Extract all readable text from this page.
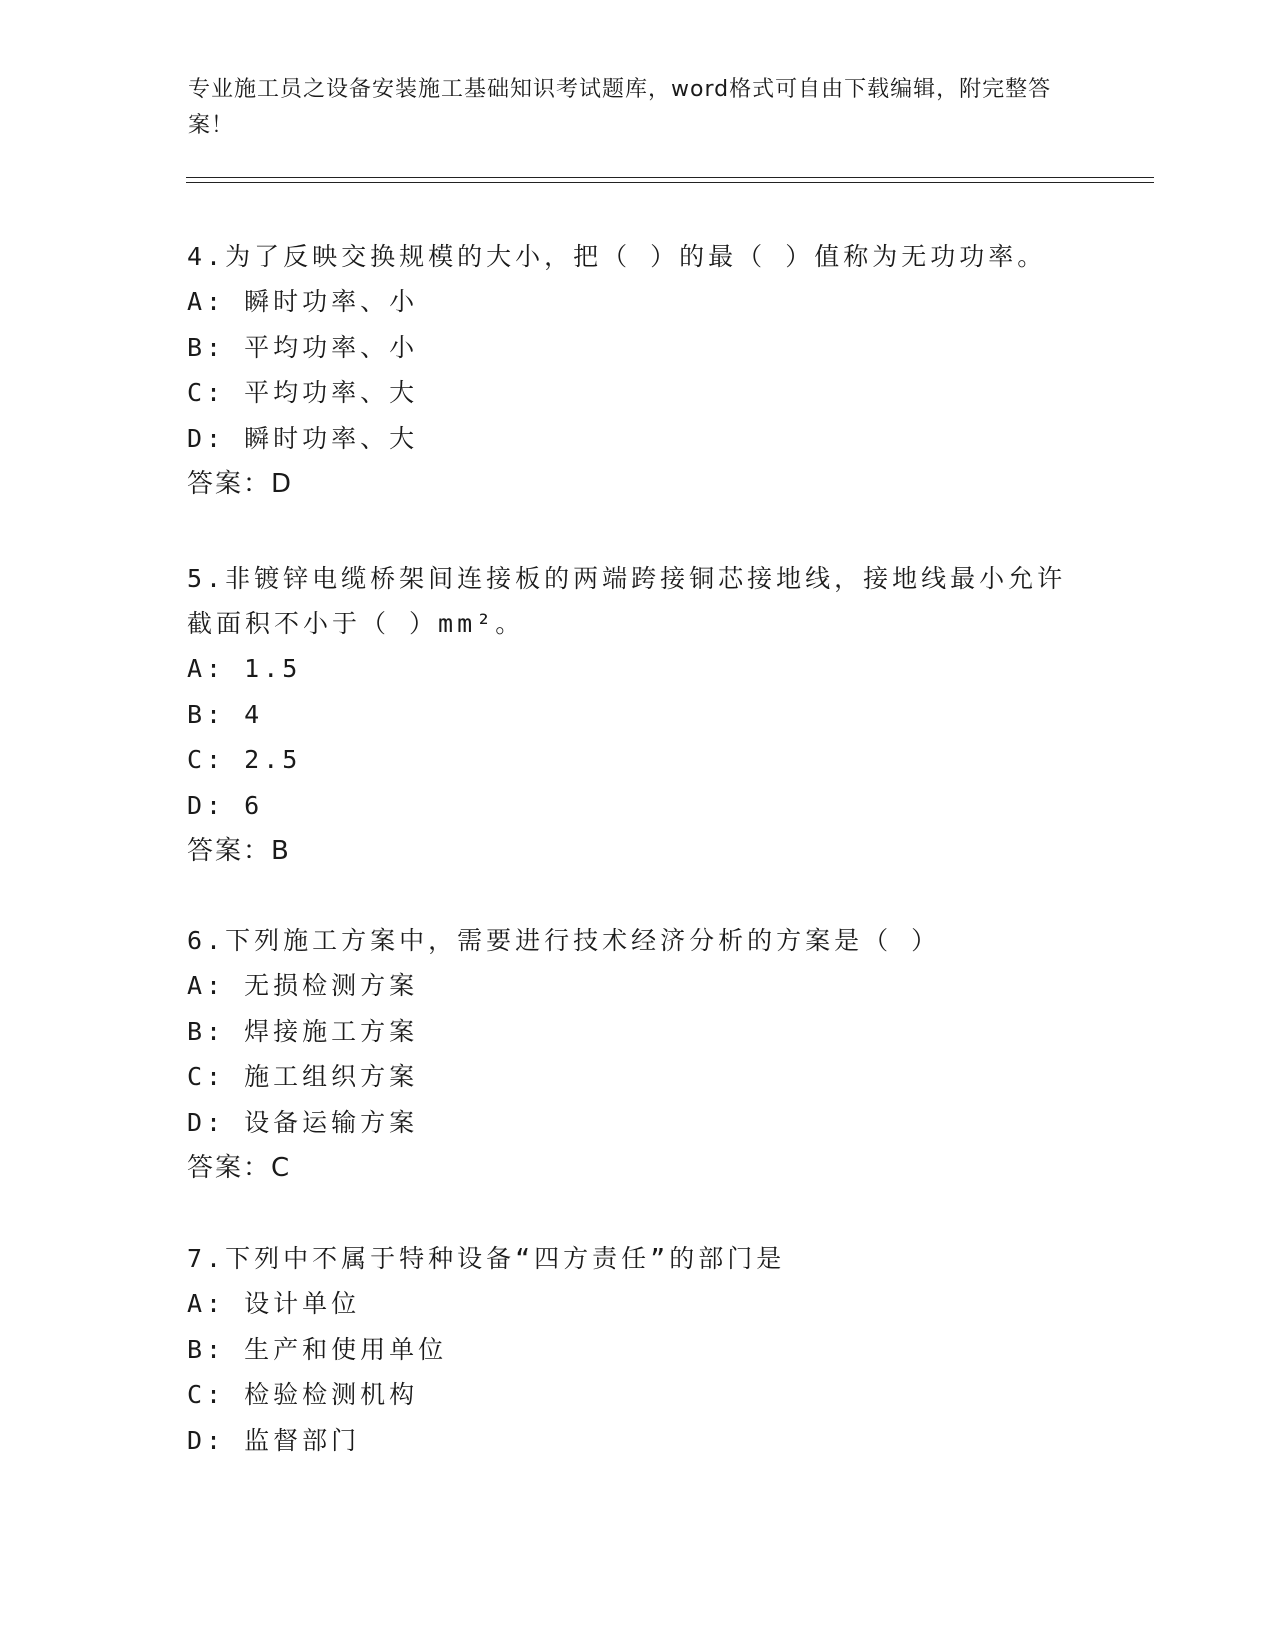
专业施工员之设备安装施工基础知识考试题库，word格式可自由下载编辑，附完整答案！
4.为了反映交换规模的大小，把（ ）的最（ ）值称为无功功率。
A: 瞬时功率、小
B: 平均功率、小
C: 平均功率、大
D: 瞬时功率、大
答案：D
5.非镀锌电缆桥架间连接板的两端跨接铜芯接地线，接地线最小允许截面积不小于（ ）mm²。
A: 1.5
B: 4
C: 2.5
D: 6
答案：B
6.下列施工方案中，需要进行技术经济分析的方案是（ ）
A: 无损检测方案
B: 焊接施工方案
C: 施工组织方案
D: 设备运输方案
答案：C
7.下列中不属于特种设备“四方责任”的部门是
A: 设计单位
B: 生产和使用单位
C: 检验检测机构
D: 监督部门
